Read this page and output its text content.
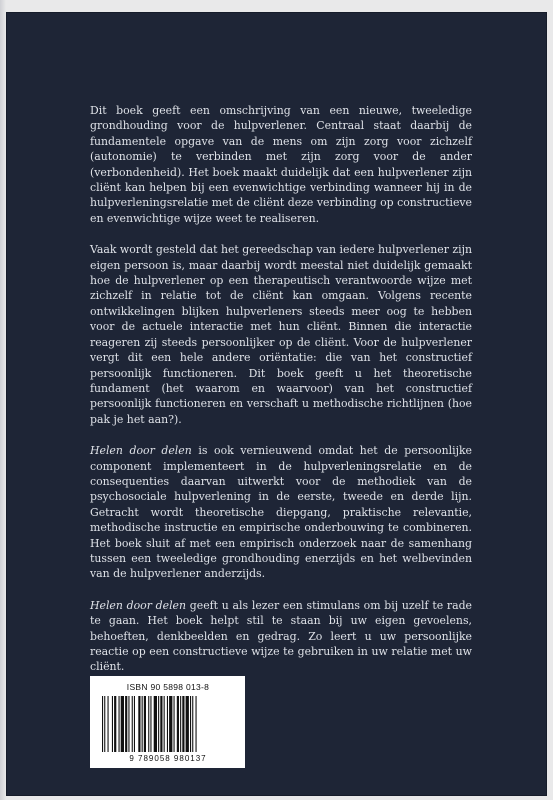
Dit boek geeft een omschrijving van een nieuwe, tweeledige grondhouding voor de hulpverlener. Centraal staat daarbij de fundamentele opgave van de mens om zijn zorg voor zichzelf (autonomie) te verbinden met zijn zorg voor de ander (verbondenheid). Het boek maakt duidelijk dat een hulpverlener zijn cliënt kan helpen bij een evenwichtige verbinding wanneer hij in de hulpverleningsrelatie met de cliënt deze verbinding op constructieve en evenwichtige wijze weet te realiseren.

Vaak wordt gesteld dat het gereedschap van iedere hulpverlener zijn eigen persoon is, maar daarbij wordt meestal niet duidelijk gemaakt hoe de hulpverlener op een therapeutisch verantwoorde wijze met zichzelf in relatie tot de cliënt kan omgaan. Volgens recente ontwikkelingen blijken hulpverleners steeds meer oog te hebben voor de actuele interactie met hun cliënt. Binnen die interactie reageren zij steeds persoonlijker op de cliënt. Voor de hulpverlener vergt dit een hele andere oriëntatie: die van het constructief persoonlijk functioneren. Dit boek geeft u het theoretische fundament (het waarom en waarvoor) van het constructief persoonlijk functioneren en verschaft u methodische richtlijnen (hoe pak je het aan?).

Helen door delen is ook vernieuwend omdat het de persoonlijke component implementeert in de hulpverleningsrelatie en de consequenties daarvan uitwerkt voor de methodiek van de psychosociale hulpverlening in de eerste, tweede en derde lijn. Getracht wordt theoretische diepgang, praktische relevantie, methodische instructie en empirische onderbouwing te combineren. Het boek sluit af met een empirisch onderzoek naar de samenhang tussen een tweeledige grondhouding enerzijds en het welbevinden van de hulpverlener anderzijds.

Helen door delen geeft u als lezer een stimulans om bij uzelf te rade te gaan. Het boek helpt stil te staan bij uw eigen gevoelens, behoeften, denkbeelden en gedrag. Zo leert u uw persoonlijke reactie op een constructieve wijze te gebruiken in uw relatie met uw cliënt.

ISBN 90 5898 013-8
9 789058 980137
